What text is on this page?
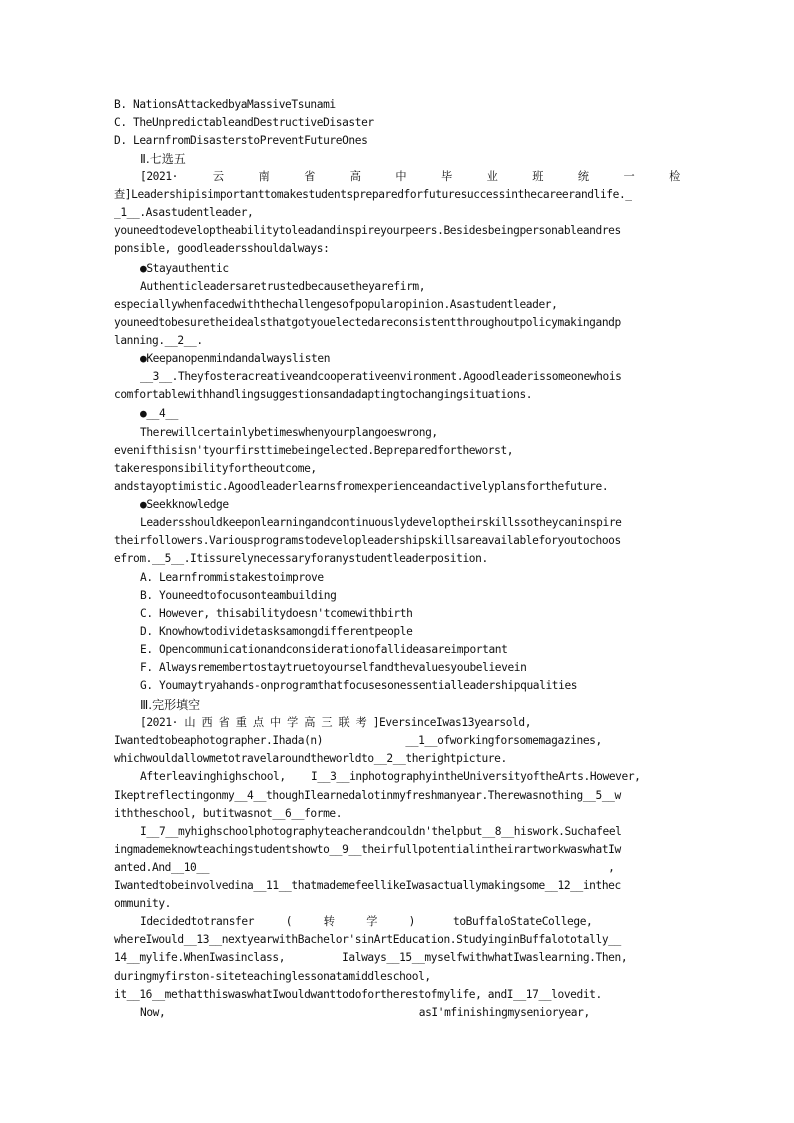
B. NationsAttackedbyaMassiveTsunami
C. TheUnpredictableandDestructiveDisaster
D. LearnfromDisasterstoPreventFutureOnes
Ⅱ.七选五
[2021·	云	南	省	高	中	毕	业	班	统	一	检
查]Leadershipisimportanttomakestudentspreparedforfuturesuccessinthecareerandlife._
_1__.Asastudentleader,
youneedtodeveloptheabilitytoleadandinspireyourpeers.Besidesbeingpersonableandres
ponsible, goodleadersshouldalways:
●Stayauthentic
Authenticleadersaretrustedbecausetheyarefirm,
especiallywhenfacedwiththechallengesofpopularopinion.Asastudentleader,
youneedtobesuretheidealsthatgotyouelectedareconsistentthroughoutpolicymakingandp
lanning.__2__.
●Keepanopenmindandalwayslisten
__3__.Theyfosteracreativeandcooperativeenvironment.Agoodleaderissomeonewhois
comfortablewithhandlingsuggestionsandadaptingtochangingsituations.
●__4__
Therewillcertainlybetimeswhenyourplangoeswrong,
evenifthisisn'tyourfirsttimebeingelected.Bepreparedfortheworst,
takeresponsibilityfortheoutcome,
andstayoptimistic.Agoodleaderlearnsfromexperienceandactivelyplansforthefuture.
●Seekknowledge
Leadersshouldkeeponlearningandcontinuouslydeveloptheirskillssotheycaninspire
theirfollowers.Variousprogramstodevelopleadershipskillsareavailableforyoutochoos
efrom.__5__.Itissurelynecessaryforanystudentleaderposition.
A. Learnfrommistakestoimprove
B. Youneedtofocusonteambuilding
C. However, thisabilitydoesn'tcomewithbirth
D. Knowhowtodividetasksamongdifferentpeople
E. Opencommunicationandconsiderationofallideasareimportant
F. Alwaysremembertostaytruetoyourselfandthevaluesyoubelievein
G. Youmaytryahands-onprogramthatfocusesonessentialleadershipqualities
Ⅲ.完形填空
[2021· 山 西 省 重 点 中 学 高 三 联 考 ]EversinceIwas13yearsold,
Iwantedtobeaphotographer.Ihada(n)             __1__ofworkingforsomemagazines,
whichwouldallowmetotravelaroundtheworldto__2__therightpicture.
Afterleavinghighschool,    I__3__inphotographyintheUniversityoftheArts.However,
Ikeptreflectingonmy__4__thoughIlearnedalotinmyfreshmanyear.Therewasnothing__5__w
iththeschool, butitwasnot__6__forme.
I__7__myhighschoolphotographyteacherandcouldn'thelpbut__8__hiswork.Suchafeel
ingmademeknowteachingstudentshowto__9__theirfullpotentialintheirartworkwaswhatIw
anted.And__10__                                                               ,
Iwantedtobeinvolvedina__11__thatmademefeellikeIwasactuallymakingsome__12__inthec
ommunity.
Idecidedtotransfer     (     转     学     )      toBuffaloStateCollege,
whereIwould__13__nextyearwithBachelor'sinArtEducation.StudyinginBuffalototally__
14__mylife.WhenIwasinclass,         Ialways__15__myselfwithwhatIwaslearning.Then,
duringmyfirston-siteteachinglessonatamiddleschool,
it__16__methatthiswaswhatIwouldwanttodofortherestofmylife, andI__17__lovedit.
Now,                                        asI'mfinishingmysenioryear,
